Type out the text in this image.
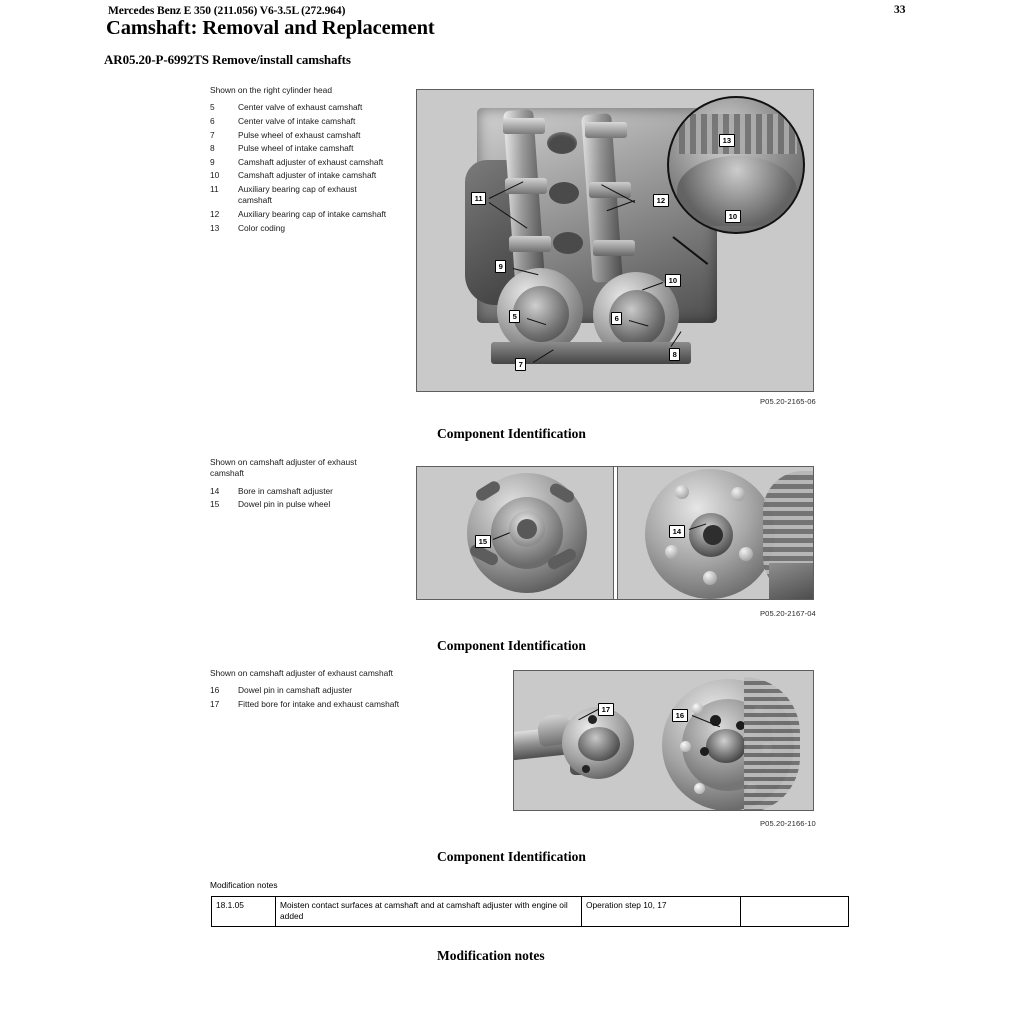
Mercedes Benz E 350 (211.056) V6-3.5L (272.964)	33
Camshaft: Removal and Replacement
AR05.20-P-6992TS Remove/install camshafts
Shown on the right cylinder head
5	Center valve of exhaust camshaft
6	Center valve of intake camshaft
7	Pulse wheel of exhaust camshaft
8	Pulse wheel of intake camshaft
9	Camshaft adjuster of exhaust camshaft
10	Camshaft adjuster of intake camshaft
11	Auxiliary bearing cap of exhaust camshaft
12	Auxiliary bearing cap of intake camshaft
13	Color coding
11	12
13
10
9
10
5	6
7
8
P05.20-2165-06
Component Identification
Shown on camshaft adjuster of exhaust camshaft
14	Bore in camshaft adjuster
15	Dowel pin in pulse wheel
15
14
P05.20-2167-04
Component Identification
Shown on camshaft adjuster of exhaust camshaft
16	Dowel pin in camshaft adjuster
17	Fitted bore for intake and exhaust camshaft
17
16
P05.20-2166-10
Component Identification
Modification notes
18.1.05	Moisten contact surfaces at camshaft and at camshaft adjuster with engine oil added	Operation step 10, 17	
Modification notes
